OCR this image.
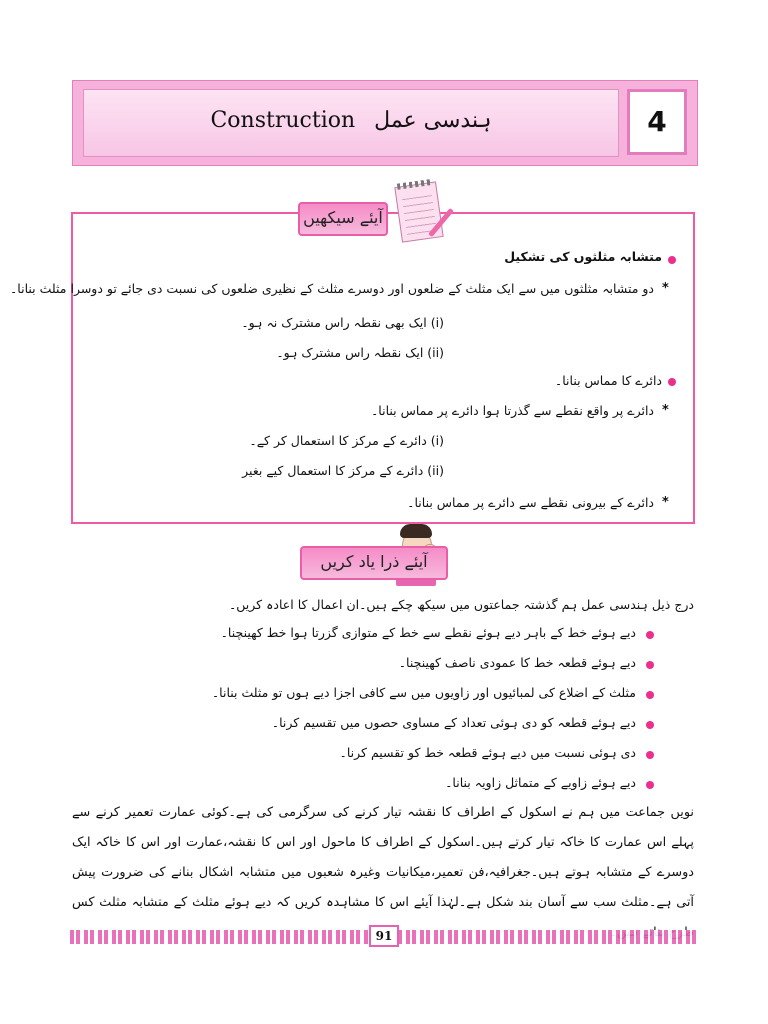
Construction ہندسی عمل	4
آیئے سیکھیں
متشابہ مثلثوں کی تشکیل
*
دو متشابہ مثلثوں میں سے ایک مثلث کے ضلعوں اور دوسرے مثلث کے نظیری ضلعوں کی نسبت دی جائے تو دوسرا مثلث بنانا۔
(i) ایک بھی نقطہ راس مشترک نہ ہو۔
(ii) ایک نقطہ راس مشترک ہو۔
دائرے کا مماس بنانا۔
*
دائرے پر واقع نقطے سے گذرتا ہوا دائرے پر مماس بنانا۔
(i) دائرے کے مرکز کا استعمال کر کے۔
(ii) دائرے کے مرکز کا استعمال کیے بغیر
*
دائرے کے بیرونی نقطے سے دائرے پر مماس بنانا۔
آیئے ذرا یاد کریں
درج ذیل ہندسی عمل ہم گذشتہ جماعتوں میں سیکھ چکے ہیں۔ان اعمال کا اعادہ کریں۔
دیے ہوئے خط کے باہر دیے ہوئے نقطے سے خط کے متوازی گزرتا ہوا خط کھینچنا۔
دیے ہوئے قطعہ خط کا عمودی ناصف کھینچنا۔
مثلث کے اضلاع کی لمبائیوں اور زاویوں میں سے کافی اجزا دیے ہوں تو مثلث بنانا۔
دیے ہوئے قطعہ کو دی ہوئی تعداد کے مساوی حصوں میں تقسیم کرنا۔
دی ہوئی نسبت میں دیے ہوئے قطعہ خط کو تقسیم کرنا۔
دیے ہوئے زاویے کے متماثل زاویہ بنانا۔
نویں جماعت میں ہم نے اسکول کے اطراف کا نقشہ تیار کرنے کی سرگرمی کی ہے۔کوئی عمارت تعمیر کرنے سے پہلے اس عمارت کا خاکہ تیار کرتے ہیں۔اسکول کے اطراف کا ماحول اور اس کا نقشہ،عمارت اور اس کا خاکہ ایک دوسرے کے متشابہ ہوتے ہیں۔جغرافیہ،فن تعمیر،میکانیات وغیرہ شعبوں میں متشابہ اشکال بنانے کی ضرورت پیش آتی ہے۔مثلث سب سے آسان بند شکل ہے۔لہٰذا آیئے اس کا مشاہدہ کریں کہ دیے ہوئے مثلث کے متشابہ مثلث کس
91
